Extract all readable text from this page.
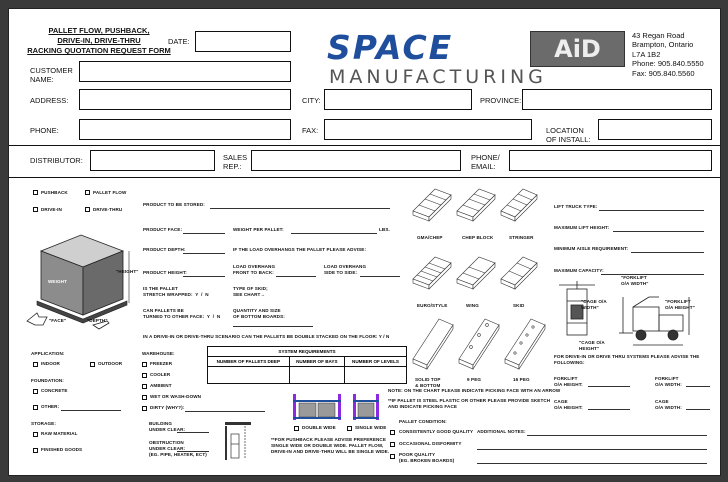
PALLET FLOW, PUSHBACK,
DRIVE-IN, DRIVE-THRU
RACKING QUOTATION REQUEST FORM
DATE:	SPACE	AiD
MANUFACTURING
43 Regan Road
Brampton, Ontario
L7A 1B2
Phone: 905.840.5550
Fax: 905.840.5560
CUSTOMER
NAME:
ADDRESS:	CITY:	PROVINCE:
PHONE:	FAX:	LOCATION
OF INSTALL:
DISTRIBUTOR:	SALES
REP.:
PHONE/
EMAIL:
PUSHBACK	PALLET FLOW
DRIVE-IN	DRIVE-THRU
WEIGHT
"HEIGHT"
"FACE"	"DEPTH"
PRODUCT TO BE STORED:
PRODUCT FACE:	WEIGHT PER PALLET:	LBS.
PRODUCT DEPTH:	IF THE LOAD OVERHANGS THE PALLET PLEASE ADVISE:
PRODUCT HEIGHT:
LOAD OVERHANG
FRONT TO BACK:
LOAD OVERHANG
SIDE TO SIDE:
IS THE PALLET
STRETCH WRAPPED:  Y  /  N
TYPE OF SKID;
SEE CHART→
CAN PALLETS BE
TURNED TO OTHER FACE:  Y  /  N
QUANTITY AND SIZE
OF BOTTOM BOARDS:
IN A DRIVE-IN OR DRIVE-THRU SCENARIO CAN THE PALLETS BE DOUBLE STACKED ON THE FLOOR: Y / N
APPLICATION:
INDOOR	OUTDOOR
FOUNDATION:
CONCRETE
OTHER:
STORAGE:
RAW MATERIAL
FINISHED GOODS
WAREHOUSE:
FREEZER
COOLER
AMBIENT
WET OR WASH-DOWN
DIRTY (WHY?):
BUILDING
UNDER CLEAR:
OBSTRUCTION
UNDER CLEAR:
(EG. PIPE, HEATER, ECT)
SYSTEM REQUIREMENTS		
NUMBER OF PALLETS DEEP	NUMBER OF BAYS	NUMBER OF LEVELS

DOUBLE WIDE	SINGLE WIDE
**FOR PUSHBACK PLEASE ADVISE PREFERENCE
SINGLE WIDE OR DOUBLE WIDE. PALLET FLOW,
DRIVE-IN AND DRIVE-THRU WILL BE SINGLE WIDE.
GMA/CHEP	CHEP BLOCK	STRINGER
EURO/STYLE	WING	SKID
SOLID TOP
& BOTTOM
9 PEG	16 PEG
NOTE: ON THE CHART PLEASE INDICATE PICKING FACE WITH AN ARROW
**IF PALLET IS STEEL PLASTIC OR OTHER PLEASE PROVIDE SKETCH
AND INDICATE PICKING FACE
PALLET CONDITION:
CONSISTENTLY GOOD QUALITY
OCCASIONAL DISFORMITY
POOR QUALITY
(EG. BROKEN BOARDS)
ADDITIONAL NOTES:
LIFT TRUCK TYPE:
MAXIMUM LIFT HEIGHT:
MINIMUM AISLE REQUIREMENT:
MAXIMUM CAPACITY:
"CAGE O/A
WIDTH"
"FORKLIFT
O/A HEIGHT"
"FORKLIFT
O/A WIDTH"
"CAGE O/A
HEIGHT"
FOR DRIVE-IN OR DRIVE THRU SYSTEMS PLEASE ADVISE THE
FOLLOWING:
FORKLIFT
O/A HEIGHT:
FORKLIFT
O/A WIDTH:
CAGE
O/A HEIGHT:
CAGE
O/A WIDTH:
